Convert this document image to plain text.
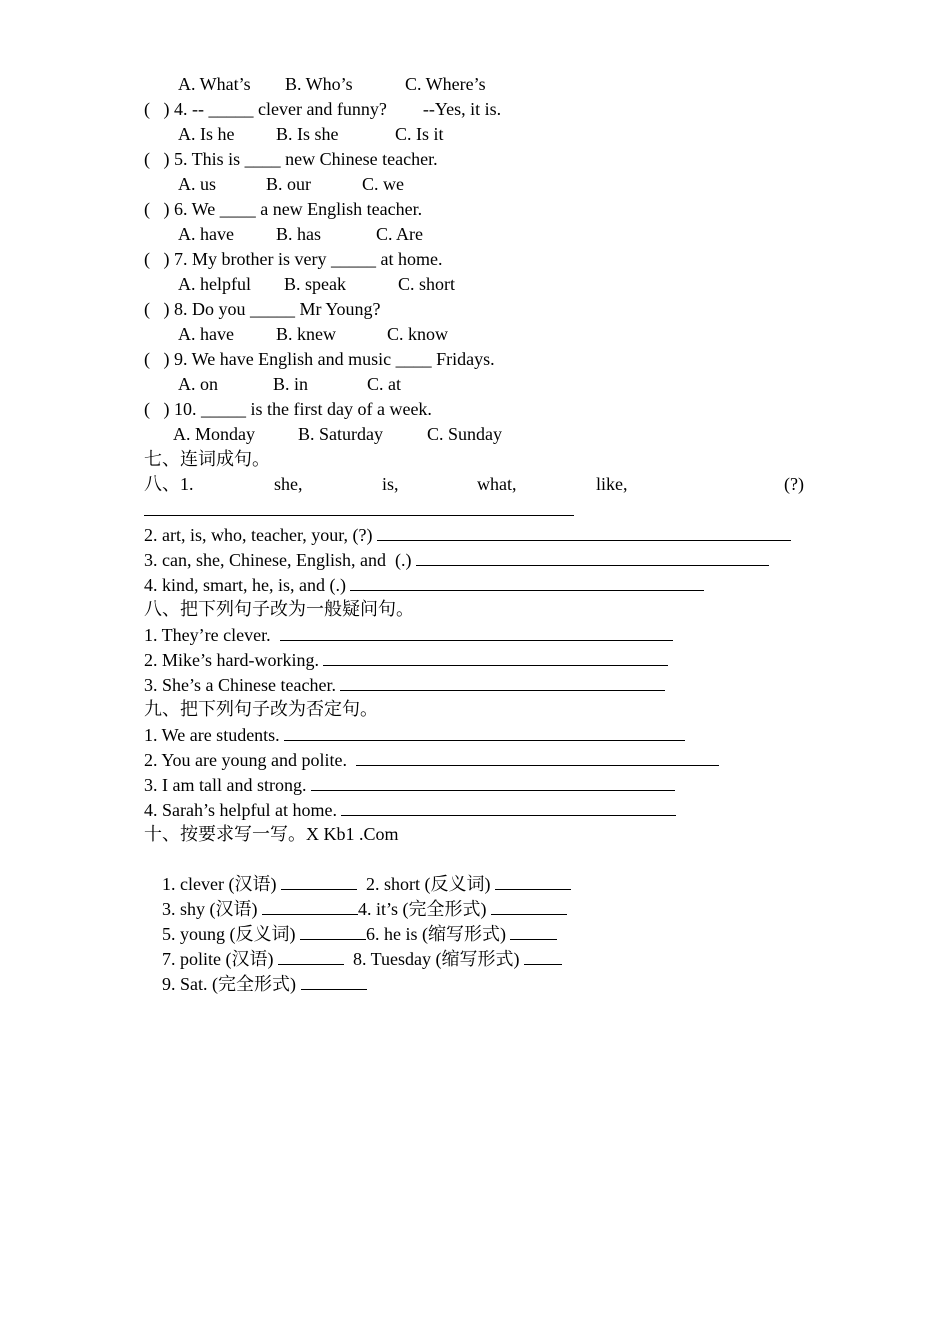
A. What’s B. Who’s	C. Where’s
(   ) 4. -- _____ clever and funny?        --Yes, it is.
A. Is he B. Is she	C. Is it
(   ) 5. This is ____ new Chinese teacher.
A. us	B. our	C. we
(   ) 6. We ____ a new English teacher.
A. have B. has	C. Are
(   ) 7. My brother is very _____ at home.
A. helpful B. speak	C. short
(   ) 8. Do you _____ Mr Young?
A. have B. knew	C. know
(   ) 9. We have English and music ____ Fridays.
A. on	B. in	C. at
(   ) 10. _____ is the first day of a week.
A. Monday B. Saturday C. Sunday
七、连词成句。
八、1.	she,	is,	what,	like,	(?)
2. art, is, who, teacher, your, (?)
3. can, she, Chinese, English, and  (.)
4. kind, smart, he, is, and (.)
八、把下列句子改为一般疑问句。
1. They’re clever.
2. Mike’s hard-working.
3. She’s a Chinese teacher.
九、把下列句子改为否定句。
1. We are students.
2. You are young and polite.
3. I am tall and strong.
4. Sarah’s helpful at home.
十、按要求写一写。X Kb1 .Com

1. clever (汉语)	2. short (反义词)

3. shy (汉语)	4. it’s (完全形式)

5. young (反义词)	6. he is (缩写形式)

7. polite (汉语)	8. Tuesday (缩写形式)

9. Sat. (完全形式)
